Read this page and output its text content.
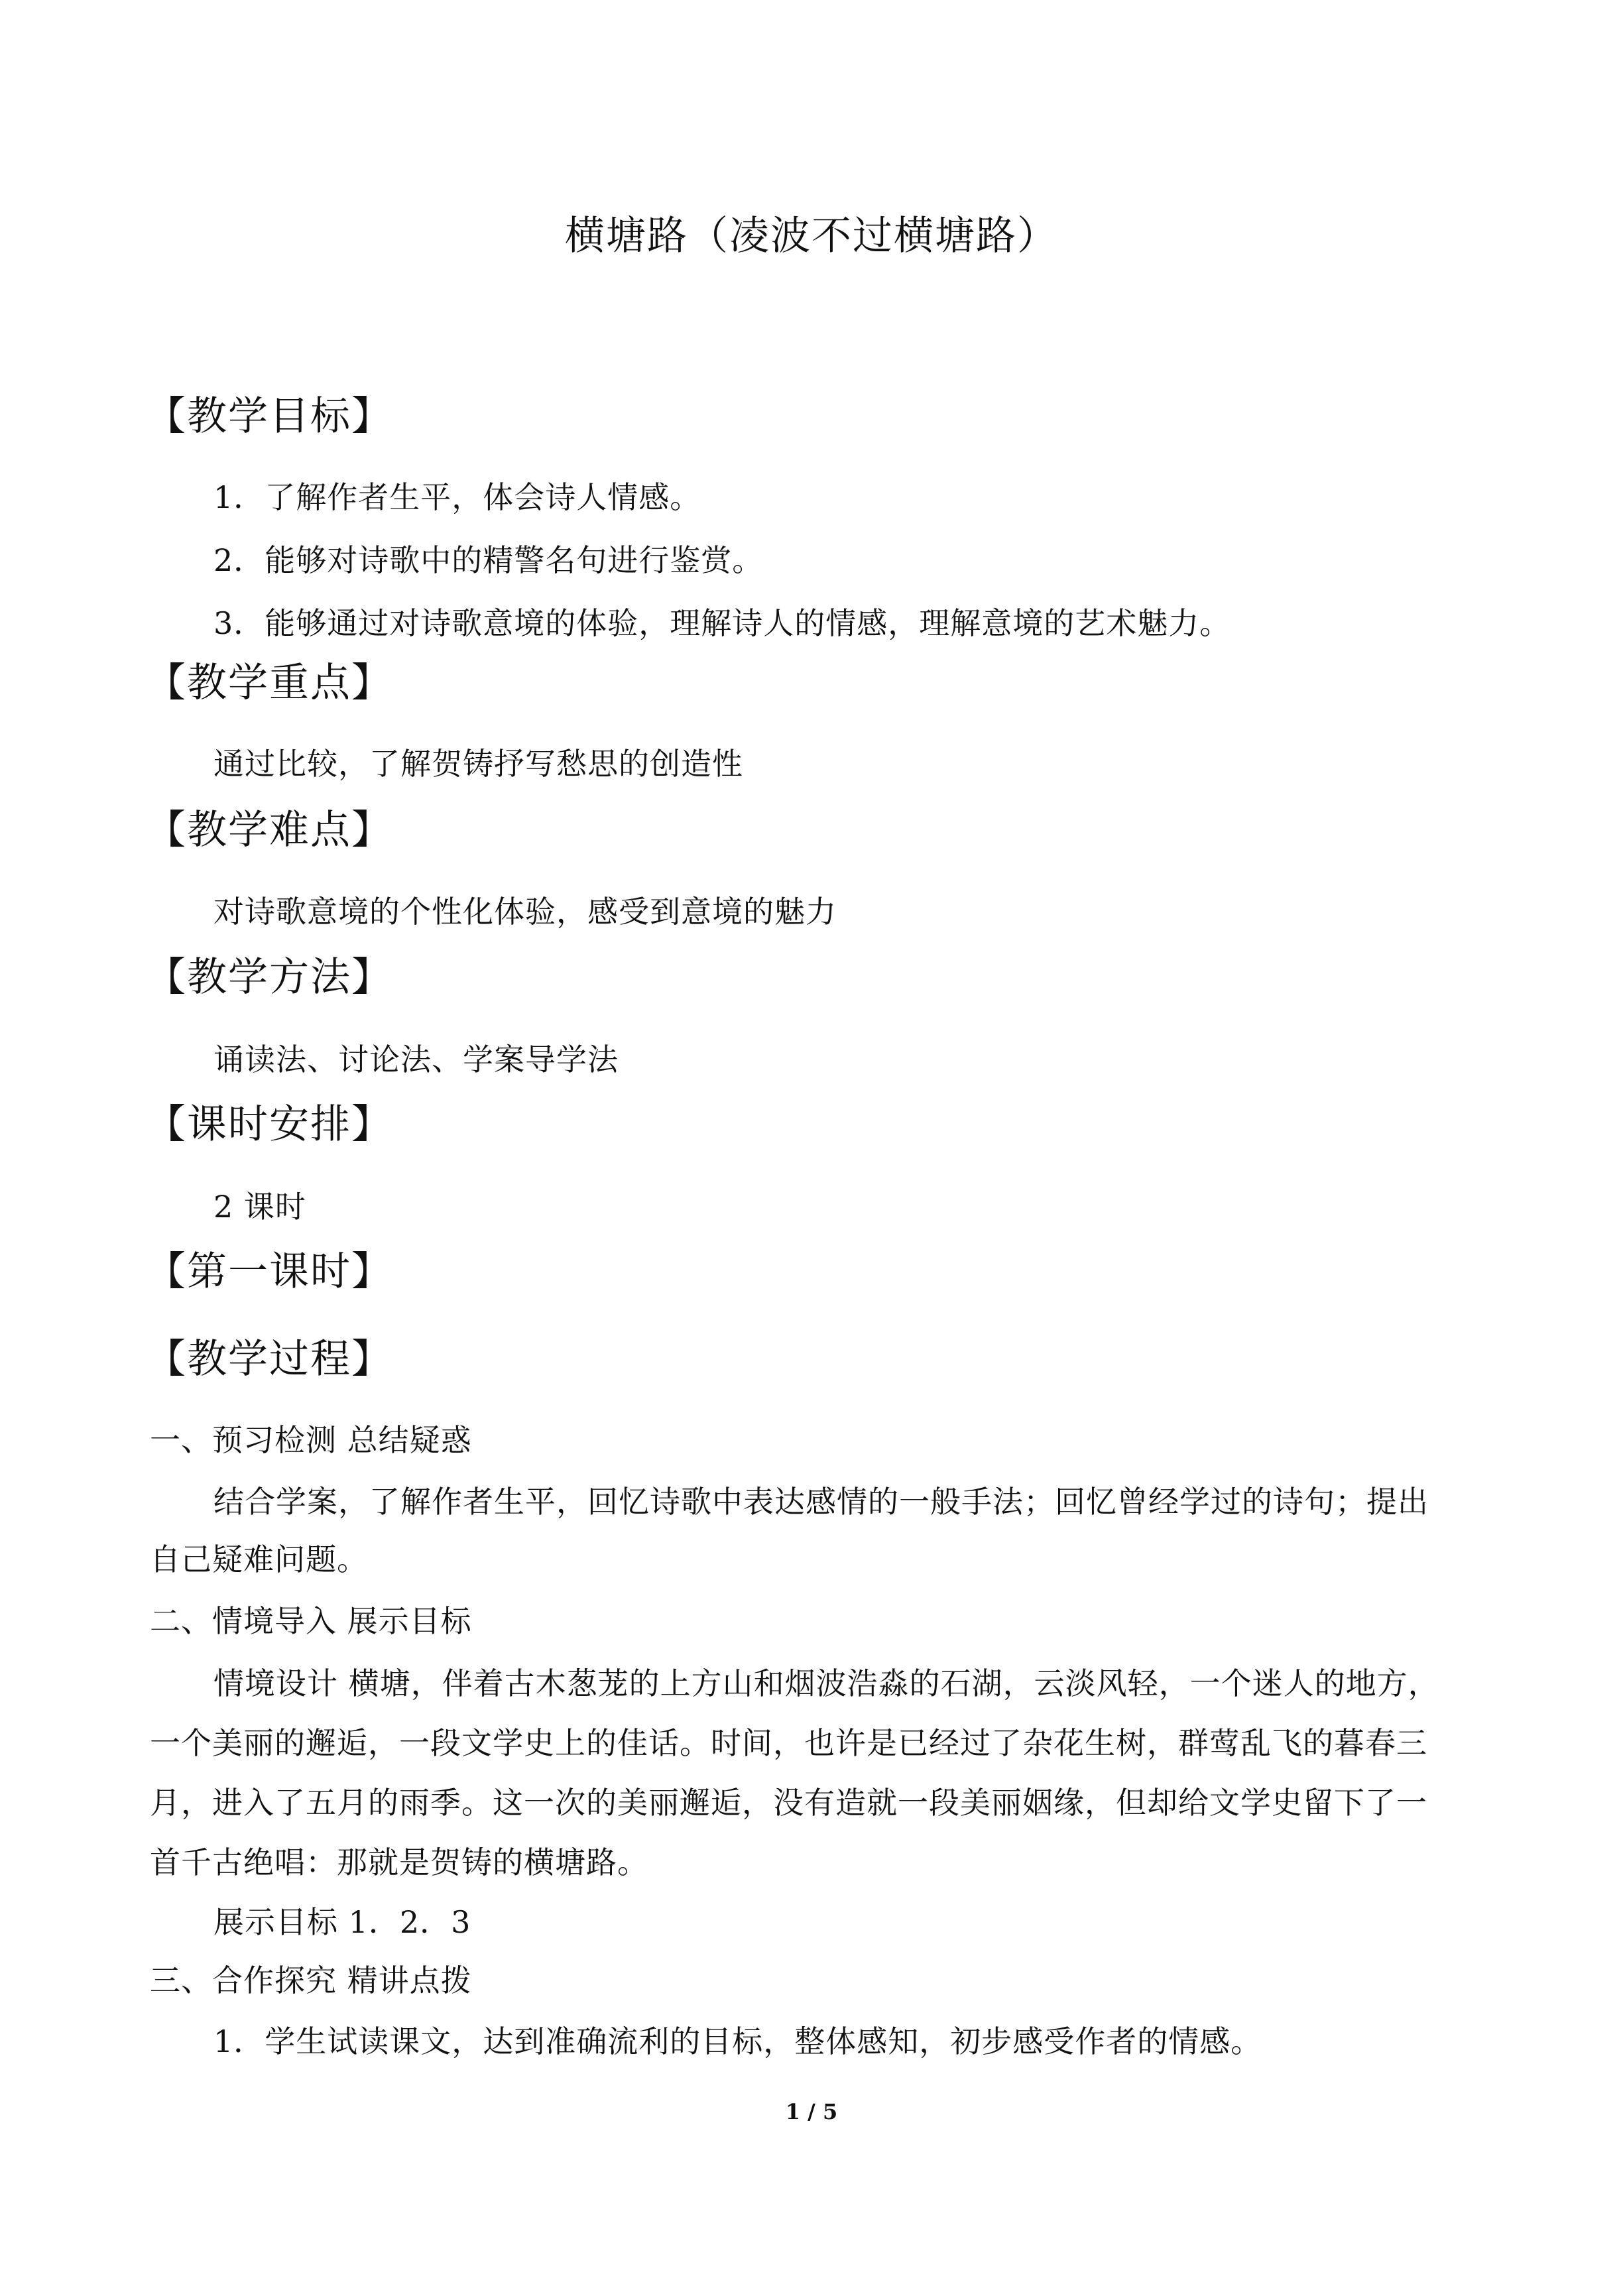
横塘路（凌波不过横塘路）
【教学目标】
1．了解作者生平，体会诗人情感。
2．能够对诗歌中的精警名句进行鉴赏。
3．能够通过对诗歌意境的体验，理解诗人的情感，理解意境的艺术魅力。
【教学重点】
通过比较，了解贺铸抒写愁思的创造性
【教学难点】
对诗歌意境的个性化体验，感受到意境的魅力
【教学方法】
诵读法、讨论法、学案导学法
【课时安排】
2 课时
【第一课时】
【教学过程】
一、预习检测 总结疑惑
结合学案，了解作者生平，回忆诗歌中表达感情的一般手法；回忆曾经学过的诗句；提出
自己疑难问题。
二、情境导入 展示目标
情境设计 横塘，伴着古木葱茏的上方山和烟波浩淼的石湖，云淡风轻，一个迷人的地方，
一个美丽的邂逅，一段文学史上的佳话。时间，也许是已经过了杂花生树，群莺乱飞的暮春三
月，进入了五月的雨季。这一次的美丽邂逅，没有造就一段美丽姻缘，但却给文学史留下了一
首千古绝唱：那就是贺铸的横塘路。
展示目标 1．2．3
三、合作探究 精讲点拨
1．学生试读课文，达到准确流利的目标，整体感知，初步感受作者的情感。
1 / 5
